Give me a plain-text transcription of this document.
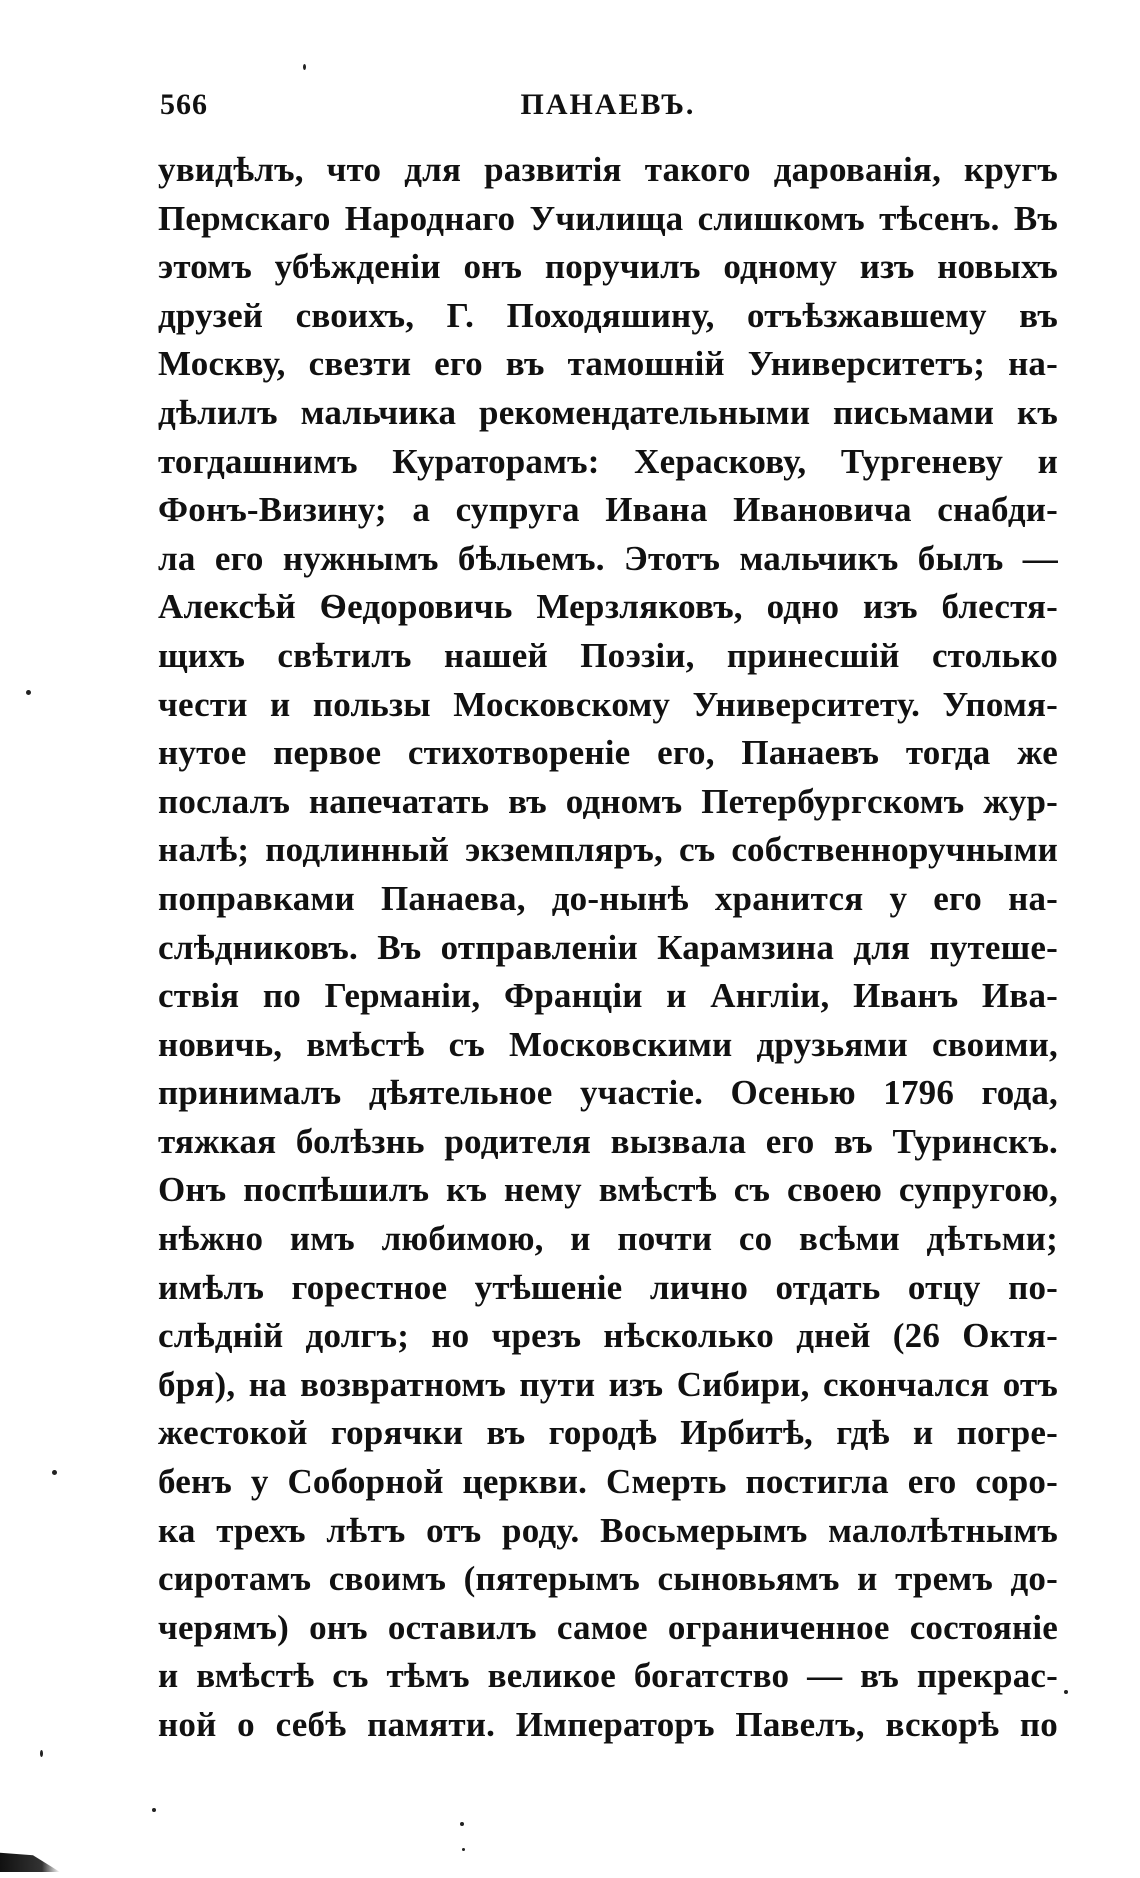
566	ПАНАЕВЪ.
увидѣлъ, что для развитія такого дарованія, кругъ
Пермскаго Народнаго Училища слишкомъ тѣсенъ. Въ
этомъ убѣжденіи онъ поручилъ одному изъ новыхъ
друзей своихъ, Г. Походяшину, отъѣзжавшему въ
Москву, свезти его въ тамошній Университетъ; на-
дѣлилъ мальчика рекомендательными письмами къ
тогдашнимъ Кураторамъ: Хераскову, Тургеневу и
Фонъ-Визину; а супруга Ивана Ивановича снабди-
ла его нужнымъ бѣльемъ. Этотъ мальчикъ былъ —
Алексѣй Ѳедоровичь Мерзляковъ, одно изъ блестя-
щихъ свѣтилъ нашей Поэзіи, принесшій столько
чести и пользы Московскому Университету. Упомя-
нутое первое стихотвореніе его, Панаевъ тогда же
послалъ напечатать въ одномъ Петербургскомъ жур-
налѣ; подлинный экземпляръ, съ собственноручными
поправками Панаева, до-нынѣ хранится у его на-
слѣдниковъ. Въ отправленіи Карамзина для путеше-
ствія по Германіи, Франціи и Англіи, Иванъ Ива-
новичь, вмѣстѣ съ Московскими друзьями своими,
принималъ дѣятельное участіе. Осенью 1796 года,
тяжкая болѣзнь родителя вызвала его въ Туринскъ.
Онъ поспѣшилъ къ нему вмѣстѣ съ своею супругою,
нѣжно имъ любимою, и почти со всѣми дѣтьми;
имѣлъ горестное утѣшеніе лично отдать отцу по-
слѣдній долгъ; но чрезъ нѣсколько дней (26 Октя-
бря), на возвратномъ пути изъ Сибири, скончался отъ
жестокой горячки въ городѣ Ирбитѣ, гдѣ и погре-
бенъ у Соборной церкви. Смерть постигла его соро-
ка трехъ лѣтъ отъ роду. Восьмерымъ малолѣтнымъ
сиротамъ своимъ (пятерымъ сыновьямъ и тремъ до-
черямъ) онъ оставилъ самое ограниченное состояніе
и вмѣстѣ съ тѣмъ великое богатство — въ прекрас-
ной о себѣ памяти. Императоръ Павелъ, вскорѣ по
